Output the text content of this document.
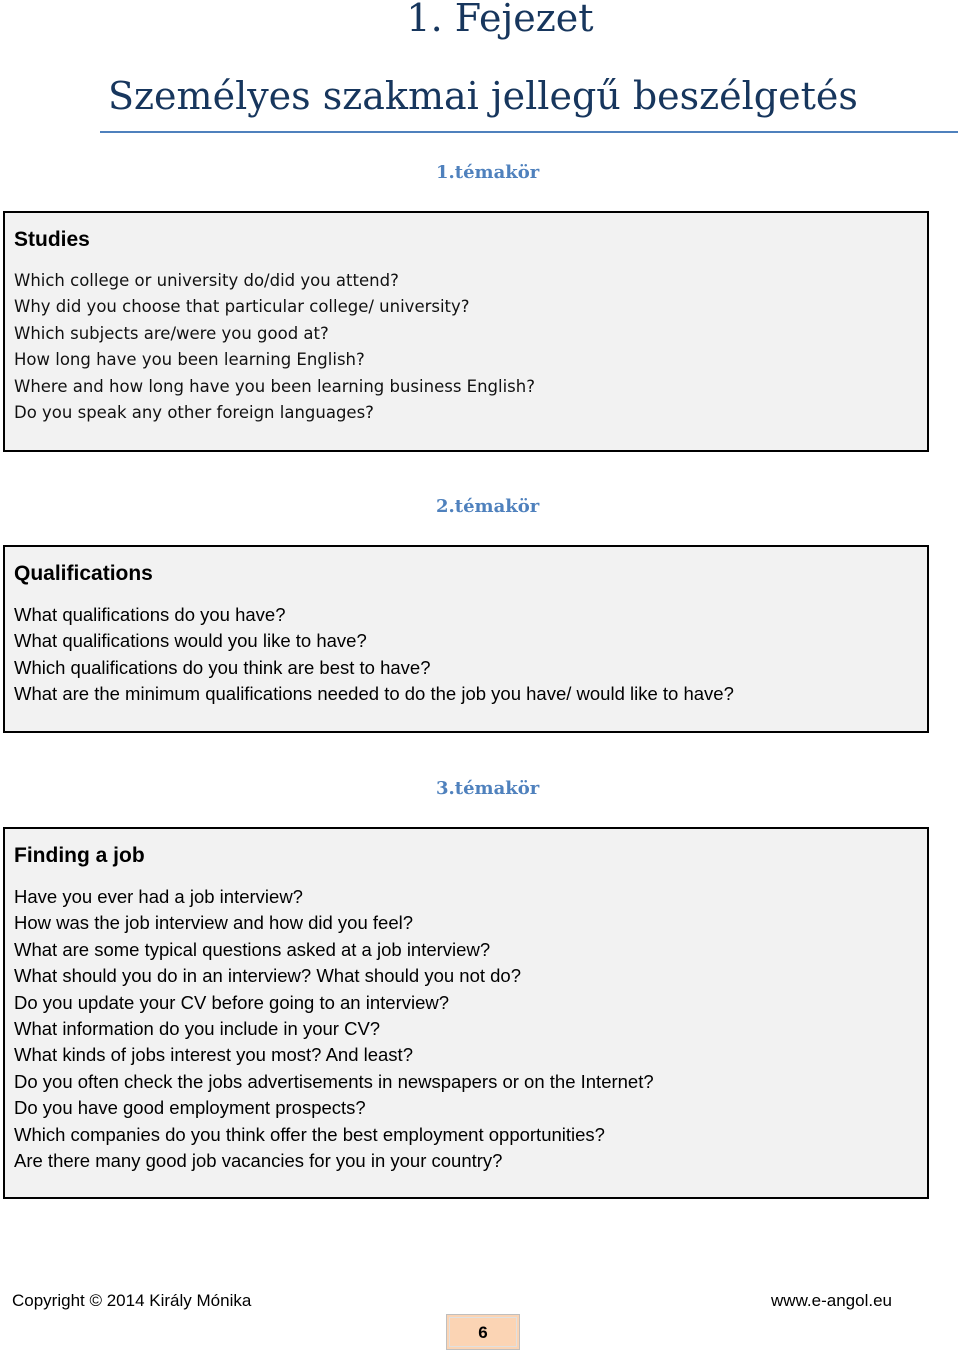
1. Fejezet
Személyes szakmai jellegű beszélgetés

1.témakör

Studies
Which college or university do/did you attend?
Why did you choose that particular college/ university?
Which subjects are/were you good at?
How long have you been learning English?
Where and how long have you been learning business English?
Do you speak any other foreign languages?

2.témakör

Qualifications
What qualifications do you have?
What qualifications would you like to have?
Which qualifications do you think are best to have?
What are the minimum qualifications needed to do the job you have/ would like to have?

3.témakör

Finding a job
Have you ever had a job interview?
How was the job interview and how did you feel?
What are some typical questions asked at a job interview?
What should you do in an interview? What should you not do?
Do you update your CV before going to an interview?
What information do you include in your CV?
What kinds of jobs interest you most? And least?
Do you often check the jobs advertisements in newspapers or on the Internet?
Do you have good employment prospects?
Which companies do you think offer the best employment opportunities?
Are there many good job vacancies for you in your country?
Copyright © 2014 Király Mónika	www.e-angol.eu
6
